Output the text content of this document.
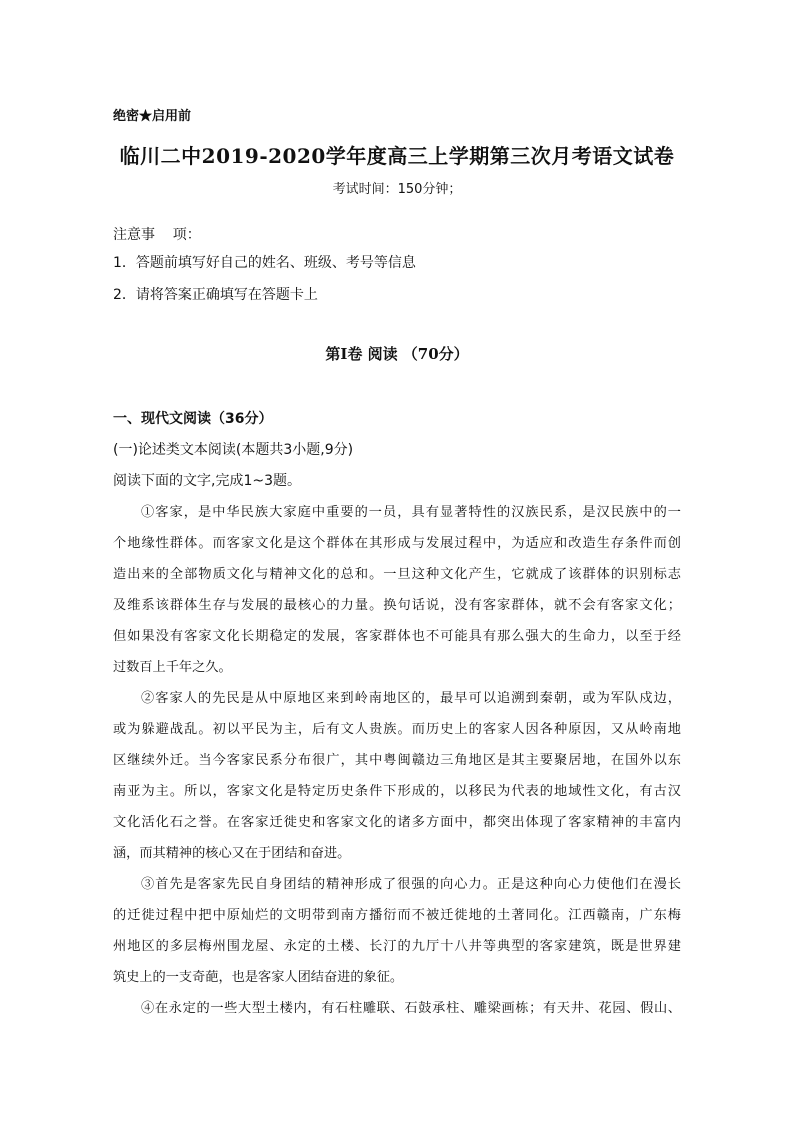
绝密★启用前
临川二中2019-2020学年度高三上学期第三次月考语文试卷
考试时间：150分钟；
注意事    项：
1．答题前填写好自己的姓名、班级、考号等信息
2．请将答案正确填写在答题卡上
第I卷 阅读 （70分）
一、现代文阅读（36分）
(一)论述类文本阅读(本题共3小题,9分)
阅读下面的文字,完成1~3题。
①客家，是中华民族大家庭中重要的一员，具有显著特性的汉族民系，是汉民族中的一
个地缘性群体。而客家文化是这个群体在其形成与发展过程中，为适应和改造生存条件而创
造出来的全部物质文化与精神文化的总和。一旦这种文化产生，它就成了该群体的识别标志
及维系该群体生存与发展的最核心的力量。换句话说，没有客家群体，就不会有客家文化；
但如果没有客家文化长期稳定的发展，客家群体也不可能具有那么强大的生命力，以至于经
过数百上千年之久。
②客家人的先民是从中原地区来到岭南地区的，最早可以追溯到秦朝，或为军队戍边，
或为躲避战乱。初以平民为主，后有文人贵族。而历史上的客家人因各种原因，又从岭南地
区继续外迁。当今客家民系分布很广，其中粤闽赣边三角地区是其主要聚居地，在国外以东
南亚为主。所以，客家文化是特定历史条件下形成的，以移民为代表的地域性文化，有古汉
文化活化石之誉。在客家迁徙史和客家文化的诸多方面中，都突出体现了客家精神的丰富内
涵，而其精神的核心又在于团结和奋进。
③首先是客家先民自身团结的精神形成了很强的向心力。正是这种向心力使他们在漫长
的迁徙过程中把中原灿烂的文明带到南方播衍而不被迁徙地的土著同化。江西赣南，广东梅
州地区的多层梅州围龙屋、永定的土楼、长汀的九厅十八井等典型的客家建筑，既是世界建
筑史上的一支奇葩，也是客家人团结奋进的象征。
④在永定的一些大型土楼内，有石柱雕联、石鼓承柱、雕梁画栋；有天井、花园、假山、
